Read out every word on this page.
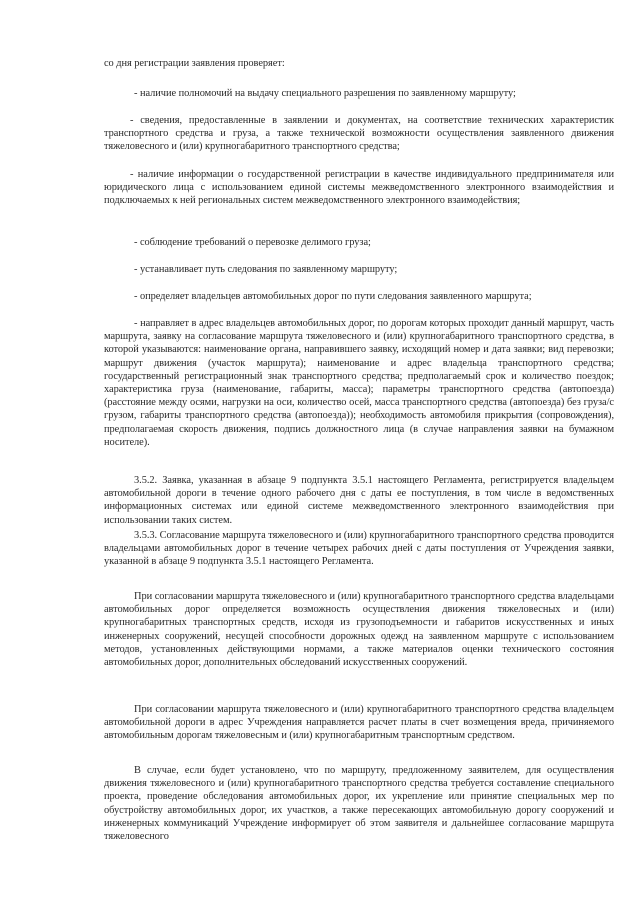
со дня регистрации заявления проверяет:

- наличие полномочий на выдачу специального разрешения по заявленному маршруту;

- сведения, предоставленные в заявлении и документах, на соответствие технических характеристик транспортного средства и груза, а также технической возможности осуществления заявленного движения тяжеловесного и (или) крупногабаритного транспортного средства;

- наличие информации о государственной регистрации в качестве индивидуального предпринимателя или юридического лица с использованием единой системы межведомственного электронного взаимодействия и подключаемых к ней региональных систем межведомственного электронного взаимодействия;

- соблюдение требований о перевозке делимого груза;

- устанавливает путь следования по заявленному маршруту;

- определяет владельцев автомобильных дорог по пути следования заявленного маршрута;

- направляет в адрес владельцев автомобильных дорог, по дорогам которых проходит данный маршрут, часть маршрута, заявку на согласование маршрута тяжеловесного и (или) крупногабаритного транспортного средства, в которой указываются: наименование органа, направившего заявку, исходящий номер и дата заявки; вид перевозки; маршрут движения (участок маршрута); наименование и адрес владельца транспортного средства; государственный регистрационный знак транспортного средства; предполагаемый срок и количество поездок; характеристика груза (наименование, габариты, масса); параметры транспортного средства (автопоезда) (расстояние между осями, нагрузки на оси, количество осей, масса транспортного средства (автопоезда) без груза/с грузом, габариты транспортного средства (автопоезда)); необходимость автомобиля прикрытия (сопровождения), предполагаемая скорость движения, подпись должностного лица (в случае направления заявки на бумажном носителе).

3.5.2. Заявка, указанная в абзаце 9 подпункта 3.5.1 настоящего Регламента, регистрируется владельцем автомобильной дороги в течение одного рабочего дня с даты ее поступления, в том числе в ведомственных информационных системах или единой системе межведомственного электронного взаимодействия при использовании таких систем.

3.5.3. Согласование маршрута тяжеловесного и (или) крупногабаритного транспортного средства проводится владельцами автомобильных дорог в течение четырех рабочих дней с даты поступления от Учреждения заявки, указанной в абзаце 9 подпункта 3.5.1 настоящего Регламента.

При согласовании маршрута тяжеловесного и (или) крупногабаритного транспортного средства владельцами автомобильных дорог определяется возможность осуществления движения тяжеловесных и (или) крупногабаритных транспортных средств, исходя из грузоподъемности и габаритов искусственных и иных инженерных сооружений, несущей способности дорожных одежд на заявленном маршруте с использованием методов, установленных действующими нормами, а также материалов оценки технического состояния автомобильных дорог, дополнительных обследований искусственных сооружений.

При согласовании маршрута тяжеловесного и (или) крупногабаритного транспортного средства владельцем автомобильной дороги в адрес Учреждения направляется расчет платы в счет возмещения вреда, причиняемого автомобильным дорогам тяжеловесным и (или) крупногабаритным транспортным средством.

В случае, если будет установлено, что по маршруту, предложенному заявителем, для осуществления движения тяжеловесного и (или) крупногабаритного транспортного средства требуется составление специального проекта, проведение обследования автомобильных дорог, их укрепление или принятие специальных мер по обустройству автомобильных дорог, их участков, а также пересекающих автомобильную дорогу сооружений и инженерных коммуникаций Учреждение информирует об этом заявителя и дальнейшее согласование маршрута тяжеловесного
